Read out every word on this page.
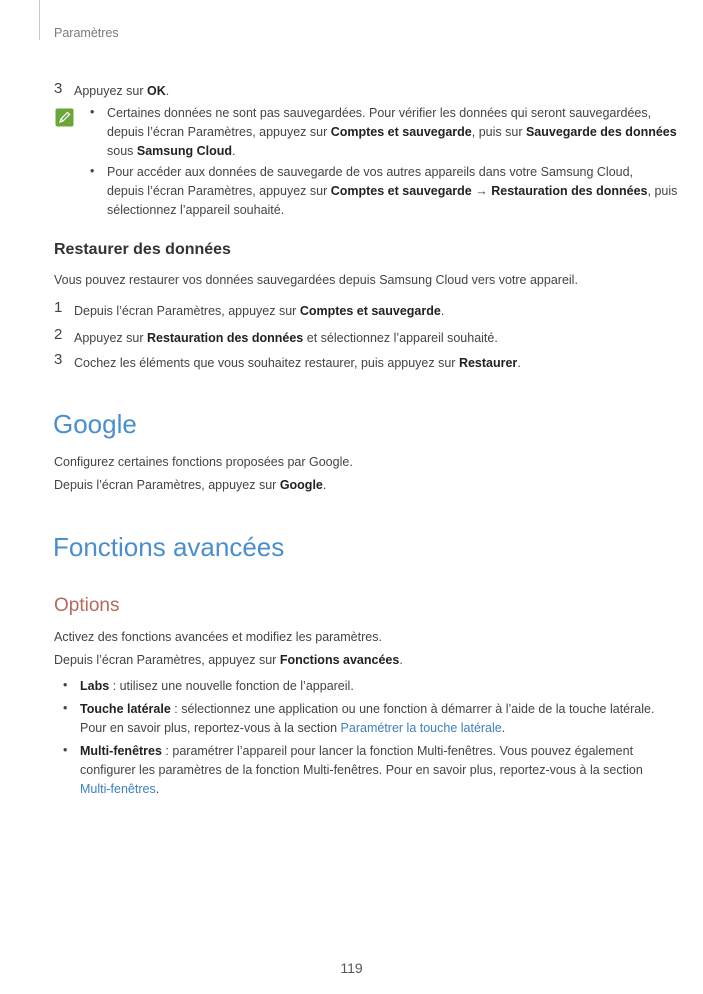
Paramètres
3 Appuyez sur OK.
• Certaines données ne sont pas sauvegardées. Pour vérifier les données qui seront sauvegardées,
depuis l’écran Paramètres, appuyez sur Comptes et sauvegarde, puis sur Sauvegarde des données
sous Samsung Cloud.
• Pour accéder aux données de sauvegarde de vos autres appareils dans votre Samsung Cloud,
depuis l’écran Paramètres, appuyez sur Comptes et sauvegarde → Restauration des données, puis
sélectionnez l’appareil souhaité.
Restaurer des données
Vous pouvez restaurer vos données sauvegardées depuis Samsung Cloud vers votre appareil.
1 Depuis l’écran Paramètres, appuyez sur Comptes et sauvegarde.
2 Appuyez sur Restauration des données et sélectionnez l’appareil souhaité.
3 Cochez les éléments que vous souhaitez restaurer, puis appuyez sur Restaurer.
Google
Configurez certaines fonctions proposées par Google.
Depuis l’écran Paramètres, appuyez sur Google.
Fonctions avancées
Options
Activez des fonctions avancées et modifiez les paramètres.
Depuis l’écran Paramètres, appuyez sur Fonctions avancées.
• Labs : utilisez une nouvelle fonction de l’appareil.
• Touche latérale : sélectionnez une application ou une fonction à démarrer à l’aide de la touche latérale.
Pour en savoir plus, reportez-vous à la section Paramétrer la touche latérale.
• Multi-fenêtres : paramétrer l’appareil pour lancer la fonction Multi-fenêtres. Vous pouvez également
configurer les paramètres de la fonction Multi-fenêtres. Pour en savoir plus, reportez-vous à la section
Multi-fenêtres.
119
